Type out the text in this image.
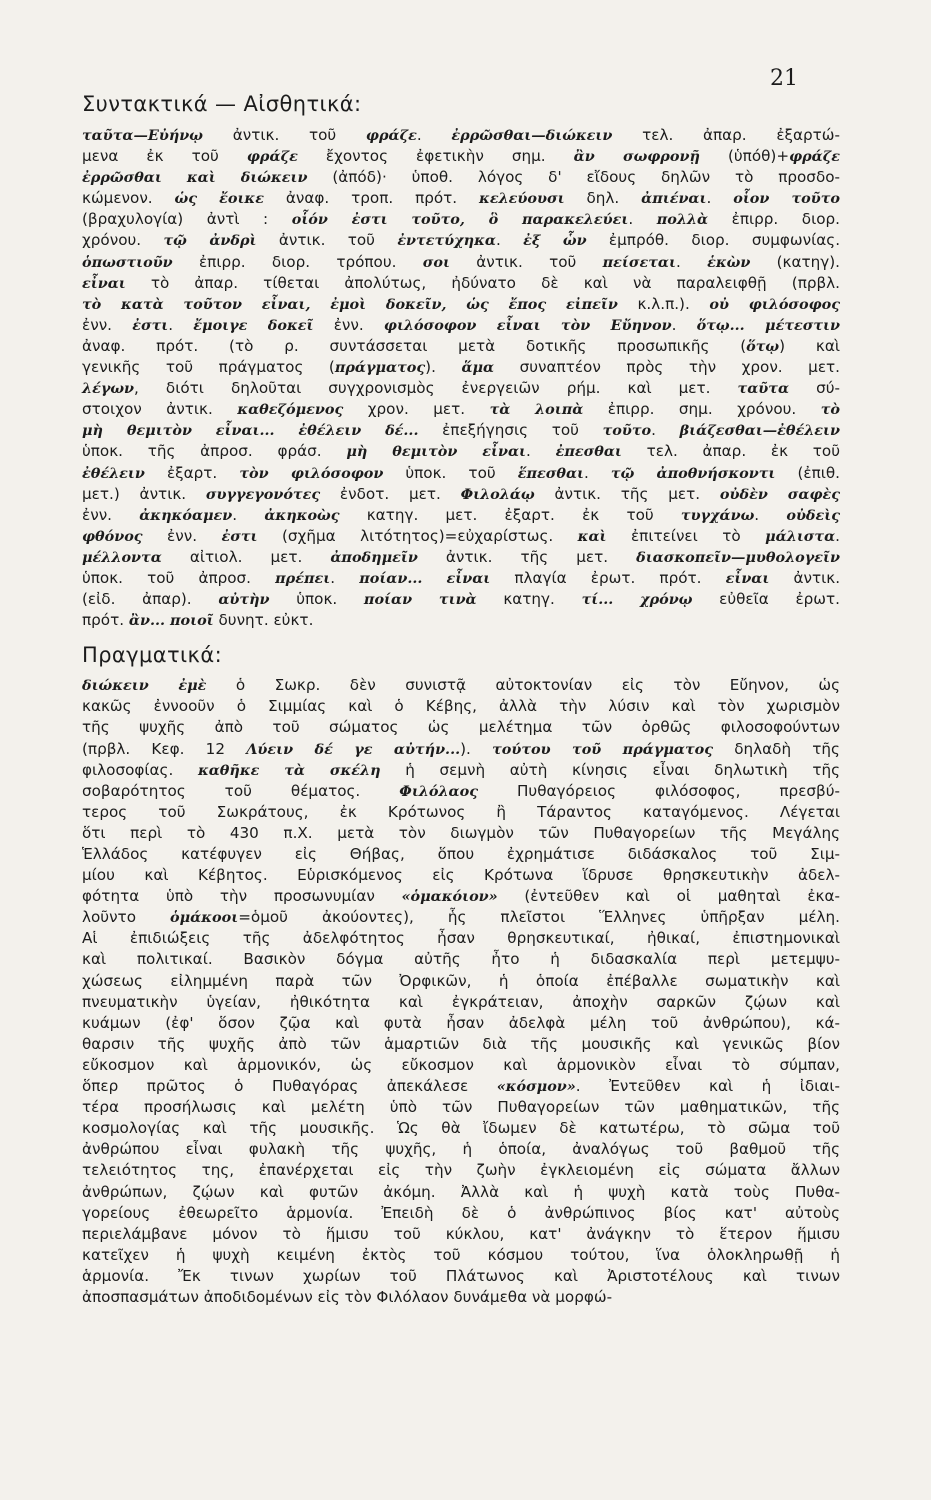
21
Συντακτικά — Αἰσθητικά:

ταῦτα—Εὐήνῳ ἀντικ. τοῦ φράζε. ἐρρῶσθαι—διώκειν τελ. ἀπαρ. ἐξαρτώ-

μενα ἐκ τοῦ φράζε ἔχοντος ἐφετικὴν σημ. ἂν σωφρονῇ (ὑπόθ)+φράζε

ἐρρῶσθαι καὶ διώκειν (ἀπόδ)· ὑποθ. λόγος δ' εἴδους δηλῶν τὸ προσδο-

κώμενον. ὡς ἔοικε ἀναφ. τροπ. πρότ. κελεύουσι δηλ. ἀπιέναι. οἷον τοῦτο

(βραχυλογία) ἀντὶ : οἷόν ἐστι τοῦτο, ὃ παρακελεύει. πολλὰ ἐπιρρ. διορ.

χρόνου. τῷ ἀνδρὶ ἀντικ. τοῦ ἐντετύχηκα. ἐξ ὧν ἐμπρόθ. διορ. συμφωνίας.

ὁπωστιοῦν ἐπιρρ. διορ. τρόπου. σοι ἀντικ. τοῦ πείσεται. ἑκὼν (κατηγ).

εἶναι τὸ ἀπαρ. τίθεται ἀπολύτως, ἠδύνατο δὲ καὶ νὰ παραλειφθῇ (πρβλ.

τὸ κατὰ τοῦτον εἶναι, ἐμοὶ δοκεῖν, ὡς ἔπος εἰπεῖν κ.λ.π.). οὐ φιλόσοφος

ἐνν. ἐστι. ἔμοιγε δοκεῖ ἐνν. φιλόσοφον εἶναι τὸν Εὔηνον. ὅτῳ... μέτεστιν

ἀναφ. πρότ. (τὸ ρ. συντάσσεται μετὰ δοτικῆς προσωπικῆς (ὅτῳ) καὶ

γενικῆς τοῦ πράγματος (πράγματος). ἅμα συναπτέον πρὸς τὴν χρον. μετ.

λέγων, διότι δηλοῦται συγχρονισμὸς ἐνεργειῶν ρήμ. καὶ μετ. ταῦτα σύ-

στοιχον ἀντικ. καθεζόμενος χρον. μετ. τὰ λοιπὰ ἐπιρρ. σημ. χρόνου. τὸ

μὴ θεμιτὸν εἶναι... ἐθέλειν δέ... ἐπεξήγησις τοῦ τοῦτο. βιάζεσθαι—ἐθέλειν

ὑποκ. τῆς ἀπροσ. φράσ. μὴ θεμιτὸν εἶναι. ἐπεσθαι τελ. ἀπαρ. ἐκ τοῦ

ἐθέλειν ἐξαρτ. τὸν φιλόσοφον ὑποκ. τοῦ ἕπεσθαι. τῷ ἀποθνήσκοντι (ἐπιθ.

μετ.) ἀντικ. συγγεγονότες ἐνδοτ. μετ. Φιλολάῳ ἀντικ. τῆς μετ. οὐδὲν σαφὲς

ἐνν. ἀκηκόαμεν. ἀκηκοὼς κατηγ. μετ. ἐξαρτ. ἐκ τοῦ τυγχάνω. οὐδεὶς

φθόνος ἐνν. ἐστι (σχῆμα λιτότητος)=εὐχαρίστως. καὶ ἐπιτείνει τὸ μάλιστα.

μέλλοντα αἰτιολ. μετ. ἀποδημεῖν ἀντικ. τῆς μετ. διασκοπεῖν—μυθολογεῖν

ὑποκ. τοῦ ἀπροσ. πρέπει. ποίαν... εἶναι πλαγία ἐρωτ. πρότ. εἶναι ἀντικ.

(εἰδ. ἀπαρ). αὐτὴν ὑποκ. ποίαν τινὰ κατηγ. τί... χρόνῳ εὐθεῖα ἐρωτ.

πρότ. ἂν... ποιοῖ δυνητ. εὐκτ.

Πραγματικά:

διώκειν ἐμὲ ὁ Σωκρ. δὲν συνιστᾷ αὐτοκτονίαν εἰς τὸν Εὔηνον, ὡς

κακῶς ἐννοοῦν ὁ Σιμμίας καὶ ὁ Κέβης, ἀλλὰ τὴν λύσιν καὶ τὸν χωρισμὸν

τῆς ψυχῆς ἀπὸ τοῦ σώματος ὡς μελέτημα τῶν ὀρθῶς φιλοσοφούντων

(πρβλ. Κεφ. 12 Λύειν δέ γε αὐτήν...). τούτου τοῦ πράγματος δηλαδὴ τῆς

φιλοσοφίας. καθῆκε τὰ σκέλη ἡ σεμνὴ αὐτὴ κίνησις εἶναι δηλωτικὴ τῆς

σοβαρότητος τοῦ θέματος. Φιλόλαος Πυθαγόρειος φιλόσοφος, πρεσβύ-

τερος τοῦ Σωκράτους, ἐκ Κρότωνος ἢ Τάραντος καταγόμενος. Λέγεται

ὅτι περὶ τὸ 430 π.Χ. μετὰ τὸν διωγμὸν τῶν Πυθαγορείων τῆς Μεγάλης

Ἑλλάδος κατέφυγεν εἰς Θήβας, ὅπου ἐχρημάτισε διδάσκαλος τοῦ Σιμ-

μίου καὶ Κέβητος. Εὑρισκόμενος εἰς Κρότωνα ἵδρυσε θρησκευτικὴν ἀδελ-

φότητα ὑπὸ τὴν προσωνυμίαν «ὁμακόιον» (ἐντεῦθεν καὶ οἱ μαθηταὶ ἐκα-

λοῦντο ὁμάκοοι=ὁμοῦ ἀκούοντες), ἧς πλεῖστοι Ἕλληνες ὑπῆρξαν μέλη.

Αἱ ἐπιδιώξεις τῆς ἀδελφότητος ἦσαν θρησκευτικαί, ἠθικαί, ἐπιστημονικαὶ

καὶ πολιτικαί. Βασικὸν δόγμα αὐτῆς ἦτο ἡ διδασκαλία περὶ μετεμψυ-

χώσεως εἰλημμένη παρὰ τῶν Ὀρφικῶν, ἡ ὁποία ἐπέβαλλε σωματικὴν καὶ

πνευματικὴν ὑγείαν, ἠθικότητα καὶ ἐγκράτειαν, ἀποχὴν σαρκῶν ζῴων καὶ

κυάμων (ἐφ' ὅσον ζῷα καὶ φυτὰ ἦσαν ἀδελφὰ μέλη τοῦ ἀνθρώπου), κά-

θαρσιν τῆς ψυχῆς ἀπὸ τῶν ἁμαρτιῶν διὰ τῆς μουσικῆς καὶ γενικῶς βίον

εὔκοσμον καὶ ἁρμονικόν, ὡς εὔκοσμον καὶ ἁρμονικὸν εἶναι τὸ σύμπαν,

ὅπερ πρῶτος ὁ Πυθαγόρας ἀπεκάλεσε «κόσμον». Ἐντεῦθεν καὶ ἡ ἰδιαι-

τέρα προσήλωσις καὶ μελέτη ὑπὸ τῶν Πυθαγορείων τῶν μαθηματικῶν, τῆς

κοσμολογίας καὶ τῆς μουσικῆς. Ὡς θὰ ἴδωμεν δὲ κατωτέρω, τὸ σῶμα τοῦ

ἀνθρώπου εἶναι φυλακὴ τῆς ψυχῆς, ἡ ὁποία, ἀναλόγως τοῦ βαθμοῦ τῆς

τελειότητος της, ἐπανέρχεται εἰς τὴν ζωὴν ἐγκλειομένη εἰς σώματα ἄλλων

ἀνθρώπων, ζῴων καὶ φυτῶν ἀκόμη. Ἀλλὰ καὶ ἡ ψυχὴ κατὰ τοὺς Πυθα-

γορείους ἐθεωρεῖτο ἁρμονία. Ἐπειδὴ δὲ ὁ ἀνθρώπινος βίος κατ' αὐτοὺς

περιελάμβανε μόνον τὸ ἥμισυ τοῦ κύκλου, κατ' ἀνάγκην τὸ ἕτερον ἥμισυ

κατεῖχεν ἡ ψυχὴ κειμένη ἐκτὸς τοῦ κόσμου τούτου, ἵνα ὁλοκληρωθῇ ἡ

ἁρμονία. Ἔκ τινων χωρίων τοῦ Πλάτωνος καὶ Ἀριστοτέλους καὶ τινων

ἀποσπασμάτων ἀποδιδομένων εἰς τὸν Φιλόλαον δυνάμεθα νὰ μορφώ-
